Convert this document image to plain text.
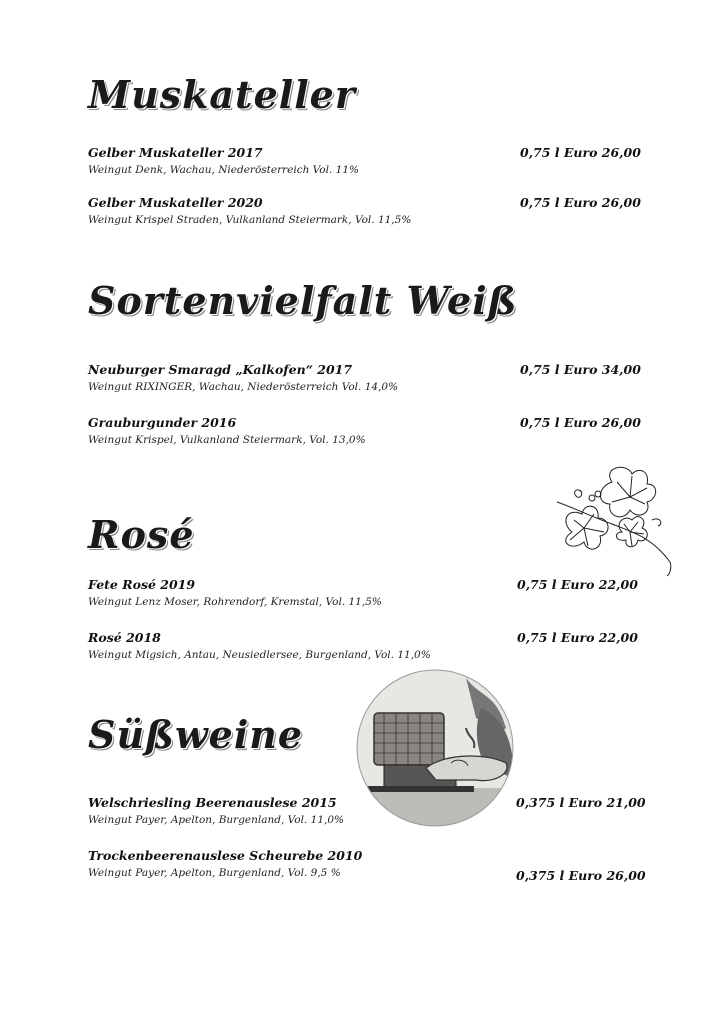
Muskateller
Gelber Muskateller 2017
Weingut Denk, Wachau, Niederösterreich Vol. 11%
0,75 l Euro 26,00
Gelber Muskateller 2020
Weingut Krispel Straden, Vulkanland Steiermark, Vol. 11,5%
0,75 l Euro 26,00
Sortenvielfalt Weiß
Neuburger Smaragd „Kalkofen“ 2017
Weingut RIXINGER, Wachau, Niederösterreich Vol. 14,0%
0,75 l Euro 34,00
Grauburgunder 2016
Weingut Krispel, Vulkanland Steiermark, Vol. 13,0%
0,75 l Euro 26,00
Rosé
Fete Rosé 2019
Weingut Lenz Moser, Rohrendorf, Kremstal, Vol. 11,5%
0,75 l Euro 22,00
Rosé 2018
Weingut Migsich, Antau, Neusiedlersee, Burgenland, Vol. 11,0%
0,75 l Euro 22,00
Süßweine
Welschriesling Beerenauslese 2015
Weingut Payer, Apelton, Burgenland, Vol. 11,0%
0,375 l Euro 21,00
Trockenbeerenauslese Scheurebe 2010
Weingut Payer, Apelton, Burgenland, Vol. 9,5 %	0,375 l Euro 26,00
